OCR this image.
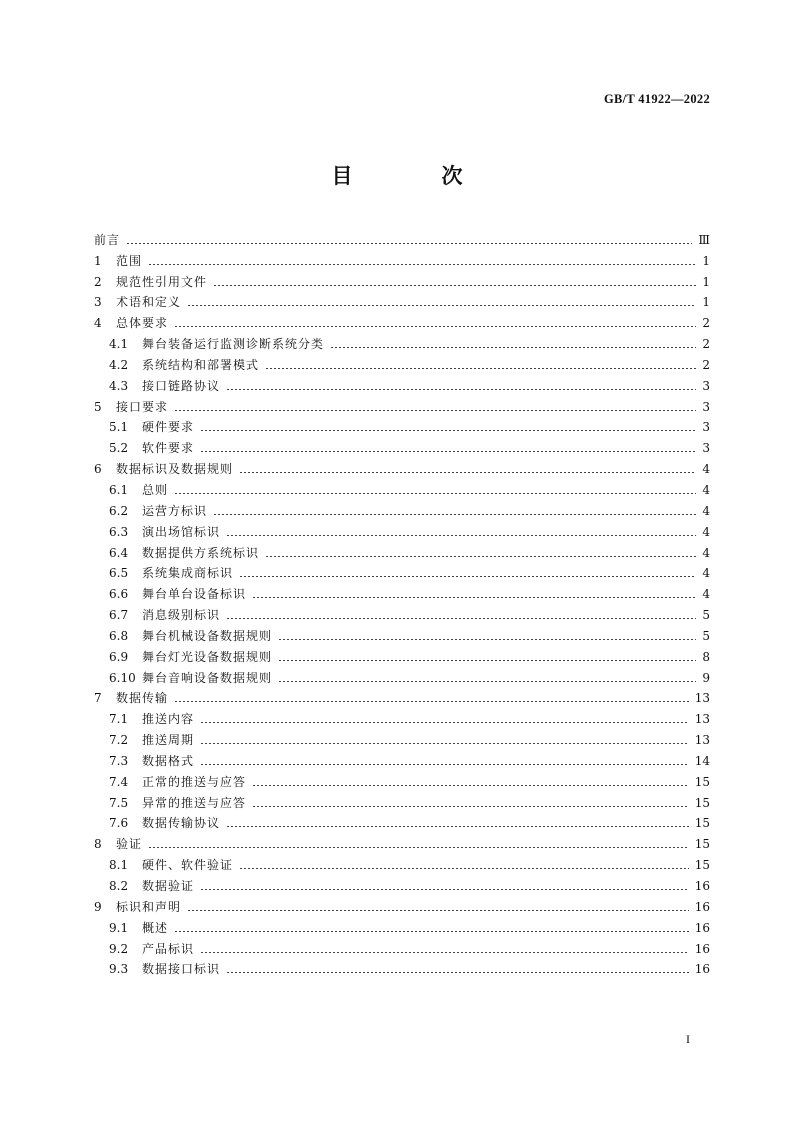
GB/T 41922—2022
目　次
前言	Ⅲ
1	范围	1
2	规范性引用文件	1
3	术语和定义	1
4	总体要求	2
4.1	舞台装备运行监测诊断系统分类	2
4.2	系统结构和部署模式	2
4.3	接口链路协议	3
5	接口要求	3
5.1	硬件要求	3
5.2	软件要求	3
6	数据标识及数据规则	4
6.1	总则	4
6.2	运营方标识	4
6.3	演出场馆标识	4
6.4	数据提供方系统标识	4
6.5	系统集成商标识	4
6.6	舞台单台设备标识	4
6.7	消息级别标识	5
6.8	舞台机械设备数据规则	5
6.9	舞台灯光设备数据规则	8
6.10 舞台音响设备数据规则	9
7	数据传输	13
7.1	推送内容	13
7.2	推送周期	13
7.3	数据格式	14
7.4	正常的推送与应答	15
7.5	异常的推送与应答	15
7.6	数据传输协议	15
8	验证	15
8.1	硬件、软件验证	15
8.2	数据验证	16
9	标识和声明	16
9.1	概述	16
9.2	产品标识	16
9.3	数据接口标识	16
I
